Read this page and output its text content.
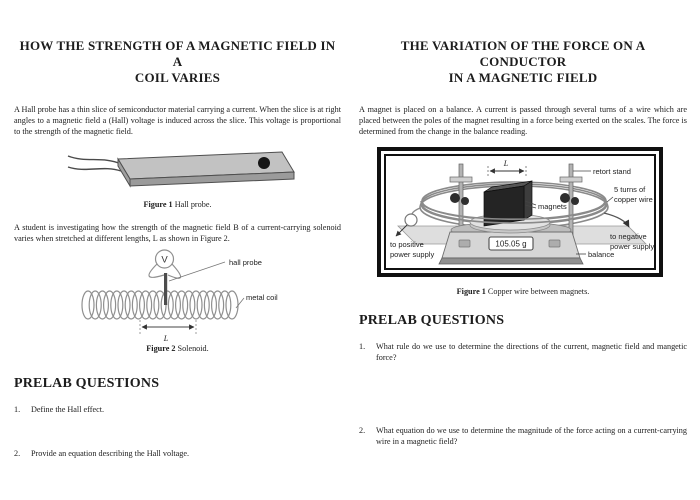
HOW THE STRENGTH OF A MAGNETIC FIELD IN A
COIL VARIES

A Hall probe has a thin slice of semiconductor material carrying a current. When the slice is at right angles to a magnetic field a (Hall) voltage is induced across the slice. This voltage is proportional to the strength of the magnetic field.

Figure 1 Hall probe.

A student is investigating how the strength of the magnetic field B of a current-carrying solenoid varies when stretched at different lengths, L as shown in Figure 2.

V	hall probe
metal coil
L

Figure 2 Solenoid.

PRELAB QUESTIONS
1.	Define the Hall effect.
2.	Provide an equation describing the Hall voltage.
THE VARIATION OF THE FORCE ON A CONDUCTOR
IN A MAGNETIC FIELD

A magnet is placed on a balance. A current is passed through several turns of a wire which are placed between the poles of the magnet resulting in a force being exerted on the scales. The force is determined from the change in the balance reading.

105.05 g
L
to positive
power supply
to negative
power supply
retort stand
5 turns of
copper wire
magnets
balance

Figure 1 Copper wire between magnets.

PRELAB QUESTIONS
1.	What rule do we use to determine the directions of the current, magnetic field and mangetic force?
2.	What equation do we use to determine the magnitude of the force acting on a current-carrying wire in a magnetic field?
